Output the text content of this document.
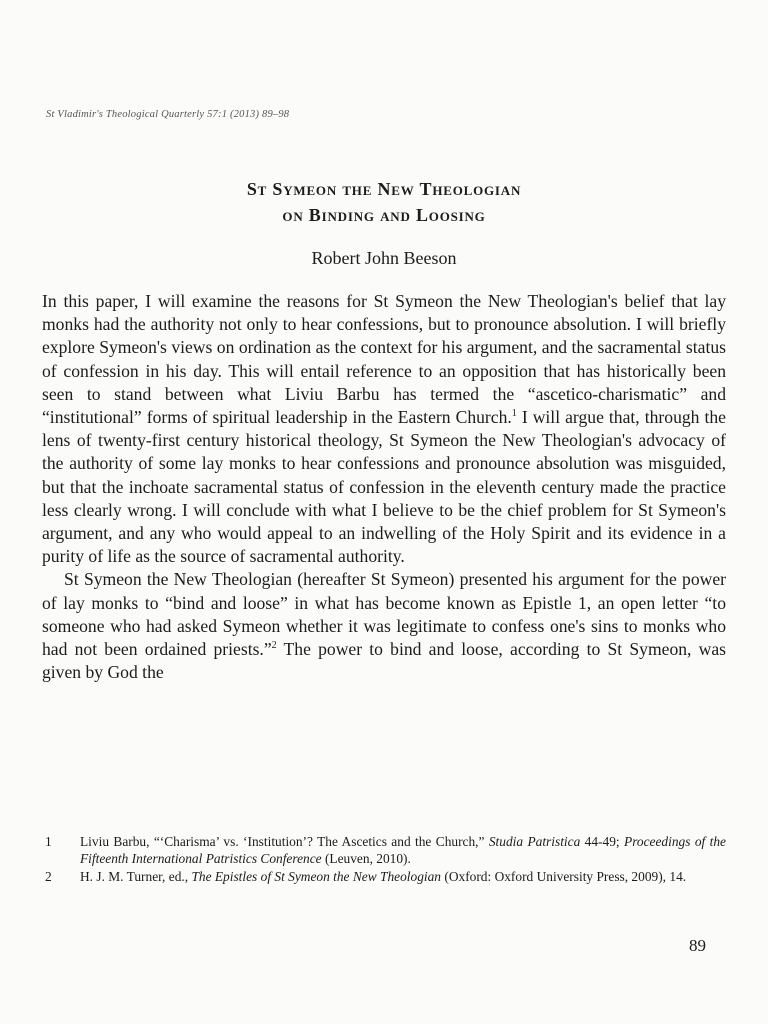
St Vladimir's Theological Quarterly 57:1 (2013) 89–98
St Symeon the New Theologian
on Binding and Loosing
Robert John Beeson

In this paper, I will examine the reasons for St Symeon the New Theologian's belief that lay monks had the authority not only to hear confessions, but to pronounce absolution. I will briefly explore Symeon's views on ordination as the context for his argument, and the sacramental status of confession in his day. This will entail reference to an opposition that has historically been seen to stand between what Liviu Barbu has termed the “ascetico-charismatic” and “institutional” forms of spiritual leadership in the Eastern Church.$^1$ I will argue that, through the lens of twenty-first century historical theology, St Symeon the New Theologian's advocacy of the authority of some lay monks to hear confessions and pronounce absolution was misguided, but that the inchoate sacramental status of confession in the eleventh century made the practice less clearly wrong. I will conclude with what I believe to be the chief problem for St Symeon's argument, and any who would appeal to an indwelling of the Holy Spirit and its evidence in a purity of life as the source of sacramental authority.

St Symeon the New Theologian (hereafter St Symeon) presented his argument for the power of lay monks to “bind and loose” in what has become known as Epistle 1, an open letter “to someone who had asked Symeon whether it was legitimate to confess one's sins to monks who had not been ordained priests.”$^2$ The power to bind and loose, according to St Symeon, was given by God the

1	Liviu Barbu, “‘Charisma’ vs. ‘Institution’? The Ascetics and the Church,” Studia Patristica 44-49; Proceedings of the Fifteenth International Patristics Conference (Leuven, 2010).
2	H. J. M. Turner, ed., The Epistles of St Symeon the New Theologian (Oxford: Oxford University Press, 2009), 14.
89
